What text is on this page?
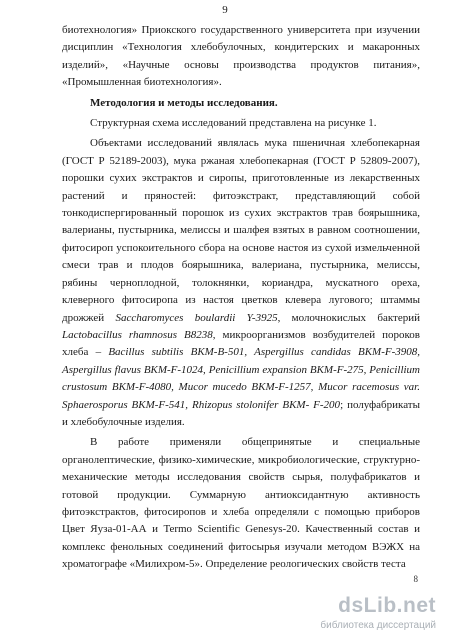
9

биотехнология» Приокского государственного университета при изучении дисциплин «Технология хлебобулочных, кондитерских и макаронных изделий», «Научные основы производства продуктов питания», «Промышленная биотехнология».

Методология и методы исследования.

Структурная схема исследований представлена на рисунке 1.

Объектами исследований являлась мука пшеничная хлебопекарная (ГОСТ Р 52189-2003), мука ржаная хлебопекарная (ГОСТ Р 52809-2007), порошки сухих экстрактов и сиропы, приготовленные из лекарственных растений и пряностей: фитоэкстракт, представляющий собой тонкодиспергированный порошок из сухих экстрактов трав боярышника, валерианы, пустырника, мелиссы и шалфея взятых в равном соотношении, фитосироп успокоительного сбора на основе настоя из сухой измельченной смеси трав и плодов боярышника, валериана, пустырника, мелиссы, рябины черноплодной, толокнянки, кориандра, мускатного ореха, клеверного фитосиропа из настоя цветков клевера лугового; штаммы дрожжей Saccharomyces boulardii Y-3925, молочнокислых бактерий Lactobacillus rhamnosus B8238, микроорганизмов возбудителей пороков хлеба – Bacillus subtilis ВКМ-B-501, Aspergillus candidas ВКМ-F-3908, Aspergillus flavus ВКМ-F-1024, Penicillium expansion ВКМ-F-275, Penicillium crustosum ВКМ-F-4080, Mucor mucedo ВКМ-F-1257, Mucor racemosus var. Sphaerosporus ВКМ-F-541, Rhizopus stolonifer ВКМ- F-200; полуфабрикаты и хлебобулочные изделия.

В работе применяли общепринятые и специальные органолептические, физико-химические, микробиологические, структурно-механические методы исследования свойств сырья, полуфабрикатов и готовой продукции. Суммарную антиоксидантную активность фитоэкстрактов, фитосиропов и хлеба определяли с помощью приборов Цвет Яуза-01-АА и Termo Scientific Genesys-20. Качественный состав и комплекс фенольных соединений фитосырья изучали методом ВЭЖХ на хроматографе «Милихром-5». Определение реологических свойств теста

8
dsLib.net
библиотека диссертаций
